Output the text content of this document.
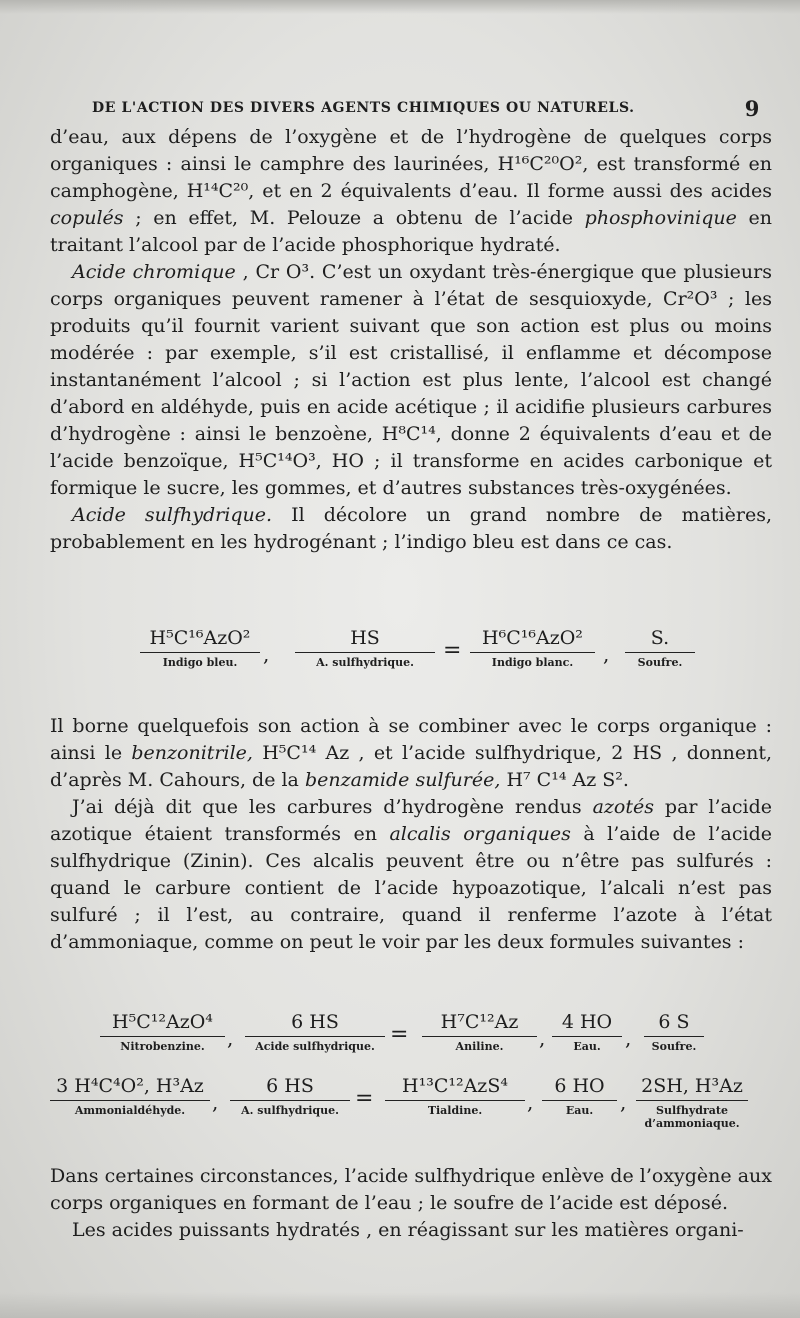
DE L'ACTION DES DIVERS AGENTS CHIMIQUES OU NATURELS.	9

d’eau, aux dépens de l’oxygène et de l’hydrogène de quelques corps organiques : ainsi le camphre des laurinées, H¹⁶C²⁰O², est transformé en camphogène, H¹⁴C²⁰, et en 2 équivalents d’eau. Il forme aussi des acides copulés ; en effet, M. Pelouze a obtenu de l’acide phosphovinique en traitant l’alcool par de l’acide phosphorique hydraté.

Acide chromique , Cr O³. C’est un oxydant très-énergique que plusieurs corps organiques peuvent ramener à l’état de sesquioxyde, Cr²O³ ; les produits qu’il fournit varient suivant que son action est plus ou moins modérée : par exemple, s’il est cristallisé, il enflamme et décompose instantanément l’alcool ; si l’action est plus lente, l’alcool est changé d’abord en aldéhyde, puis en acide acétique ; il acidifie plusieurs carbures d’hydrogène : ainsi le benzoène, H⁸C¹⁴, donne 2 équivalents d’eau et de l’acide benzoïque, H⁵C¹⁴O³, HO ; il transforme en acides carbonique et formique le sucre, les gommes, et d’autres substances très-oxygénées.

Acide sulfhydrique. Il décolore un grand nombre de matières, probablement en les hydrogénant ; l’indigo bleu est dans ce cas.

H⁵C¹⁶AzO²
Indigo bleu.	,
HS
A. sulfhydrique.	=	H⁶C¹⁶AzO²
Indigo blanc.	,
S.
Soufre.

Il borne quelquefois son action à se combiner avec le corps organique : ainsi le benzonitrile, H⁵C¹⁴ Az , et l’acide sulfhydrique, 2 HS , donnent, d’après M. Cahours, de la benzamide sulfurée, H⁷ C¹⁴ Az S².

J’ai déjà dit que les carbures d’hydrogène rendus azotés par l’acide azotique étaient transformés en alcalis organiques à l’aide de l’acide sulfhydrique (Zinin). Ces alcalis peuvent être ou n’être pas sulfurés : quand le carbure contient de l’acide hypoazotique, l’alcali n’est pas sulfuré ; il l’est, au contraire, quand il renferme l’azote à l’état d’ammoniaque, comme on peut le voir par les deux formules suivantes :

H⁵C¹²AzO⁴
Nitrobenzine.	,
6 HS
Acide sulfhydrique. =	H⁷C¹²Az
Aniline.	,
4 HO
Eau.	,
6 S
Soufre.
3 H⁴C⁴O², H³Az
Ammonialdéhyde.	,
6 HS
A. sulfhydrique. =	H¹³C¹²AzS⁴
Tialdine.	,
6 HO
Eau.	,
2SH, H³Az
Sulfhydrate
d’ammoniaque.

Dans certaines circonstances, l’acide sulfhydrique enlève de l’oxygène aux corps organiques en formant de l’eau ; le soufre de l’acide est déposé.

Les acides puissants hydratés , en réagissant sur les matières organi-
